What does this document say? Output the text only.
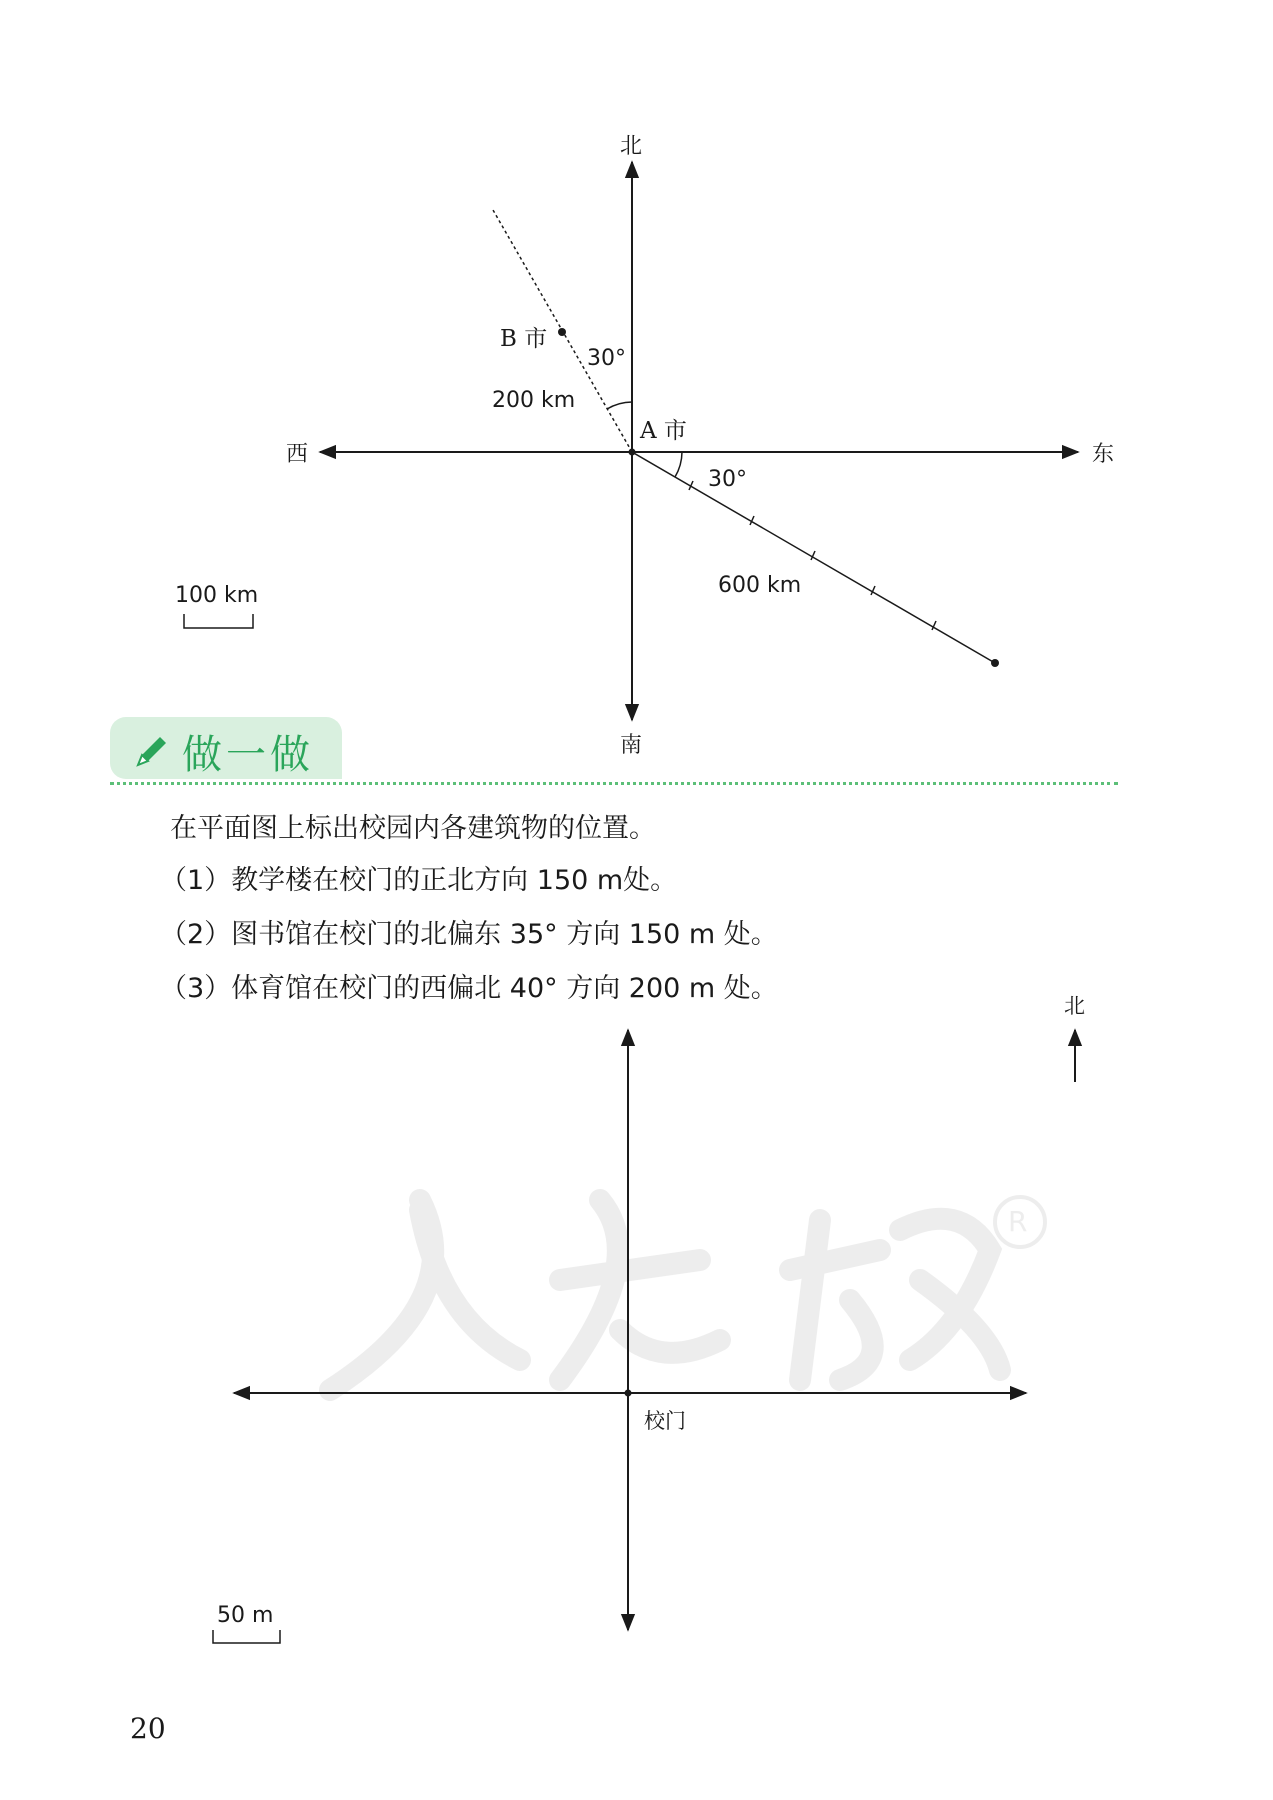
R
北
南
西	东
A 市
B 市
30°
200 km
30°
600 km
100 km
校门
北
50 m
做一做
在平面图上标出校园内各建筑物的位置。
（1）教学楼在校门的正北方向 150 m处。
（2）图书馆在校门的北偏东 35° 方向 150 m 处。
（3）体育馆在校门的西偏北 40° 方向 200 m 处。
20
